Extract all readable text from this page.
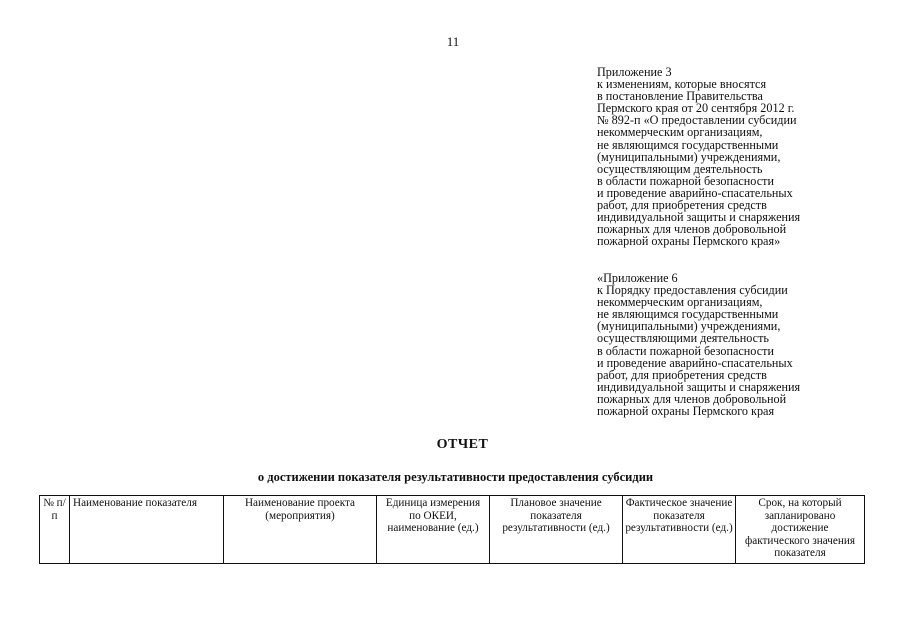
11
Приложение 3
к изменениям, которые вносятся
в постановление Правительства
Пермского края от 20 сентября 2012 г.
№ 892-п «О предоставлении субсидии
некоммерческим организациям,
не являющимся государственными
(муниципальными) учреждениями,
осуществляющим деятельность
в области пожарной безопасности
и проведение аварийно-спасательных
работ, для приобретения средств
индивидуальной защиты и снаряжения
пожарных для членов добровольной
пожарной охраны Пермского края»
«Приложение 6
к Порядку предоставления субсидии
некоммерческим организациям,
не являющимся государственными
(муниципальными) учреждениями,
осуществляющими деятельность
в области пожарной безопасности
и проведение аварийно-спасательных
работ, для приобретения средств
индивидуальной защиты и снаряжения
пожарных для членов добровольной
пожарной охраны Пермского края
ОТЧЕТ
о достижении показателя результативности предоставления субсидии
№ п/п	Наименование показателя	Наименование проекта (мероприятия)	Единица измерения по ОКЕИ, наименование (ед.)	Плановое значение показателя результативности (ед.)	Фактическое значение показателя результативности (ед.)	Срок, на который запланировано достижение фактического значения показателя
